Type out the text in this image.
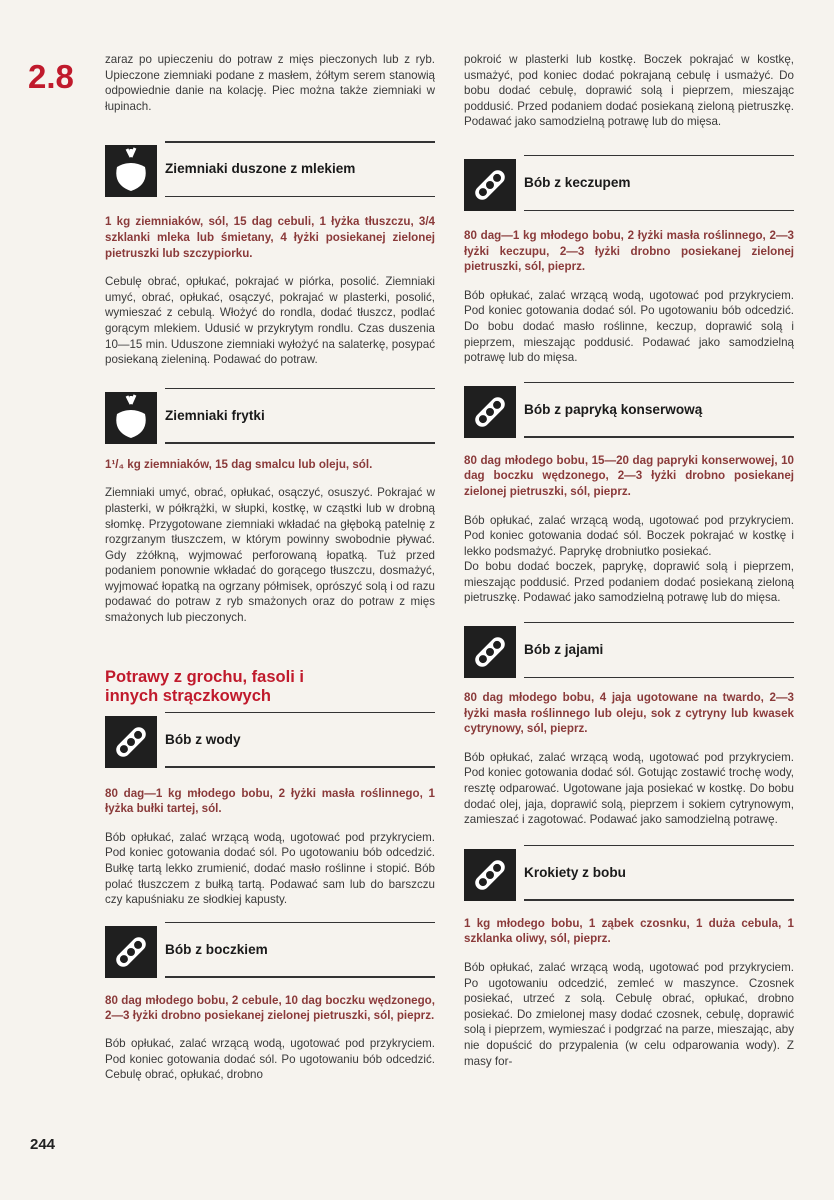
2.8
244

zaraz po upieczeniu do potraw z mięs pieczonych lub z ryb. Upieczone ziemniaki podane z masłem, żółtym serem stanowią odpowiednie danie na kolację. Piec można także ziemniaki w łupinach.

Ziemniaki duszone z mlekiem

1 kg ziemniaków, sól, 15 dag cebuli, 1 łyżka tłuszczu, 3/4 szklanki mleka lub śmietany, 4 łyżki posiekanej zielonej pietruszki lub szczypiorku.

Cebulę obrać, opłukać, pokrajać w piórka, posolić. Ziemniaki umyć, obrać, opłukać, osączyć, pokrajać w plasterki, posolić, wymieszać z cebulą. Włożyć do rondla, dodać tłuszcz, podlać gorącym mlekiem. Udusić w przykrytym rondlu. Czas duszenia 10—15 min. Uduszone ziemniaki wyłożyć na salaterkę, posypać posiekaną zieleniną. Podawać do potraw.

Ziemniaki frytki

1¹/₄ kg ziemniaków, 15 dag smalcu lub oleju, sól.

Ziemniaki umyć, obrać, opłukać, osączyć, osuszyć. Pokrajać w plasterki, w półkrążki, w słupki, kostkę, w cząstki lub w drobną słomkę. Przygotowane ziemniaki wkładać na głęboką patelnię z rozgrzanym tłuszczem, w którym powinny swobodnie pływać. Gdy zżółkną, wyjmować perforowaną łopatką. Tuż przed podaniem ponownie wkładać do gorącego tłuszczu, dosmażyć, wyjmować łopatką na ogrzany półmisek, oprószyć solą i od razu podawać do potraw z ryb smażonych oraz do potraw z mięs smażonych lub pieczonych.

Potrawy z grochu, fasoli i innych strączkowych
Bób z wody

80 dag—1 kg młodego bobu, 2 łyżki masła roślinnego, 1 łyżka bułki tartej, sól.

Bób opłukać, zalać wrzącą wodą, ugotować pod przykryciem. Pod koniec gotowania dodać sól. Po ugotowaniu bób odcedzić. Bułkę tartą lekko zrumienić, dodać masło roślinne i stopić. Bób polać tłuszczem z bułką tartą. Podawać sam lub do barszczu czy kapuśniaku ze słodkiej kapusty.

Bób z boczkiem

80 dag młodego bobu, 2 cebule, 10 dag boczku wędzonego, 2—3 łyżki drobno posiekanej zielonej pietruszki, sól, pieprz.

Bób opłukać, zalać wrzącą wodą, ugotować pod przykryciem. Pod koniec gotowania dodać sól. Po ugotowaniu bób odcedzić. Cebulę obrać, opłukać, drobno

pokroić w plasterki lub kostkę. Boczek pokrajać w kostkę, usmażyć, pod koniec dodać pokrajaną cebulę i usmażyć. Do bobu dodać cebulę, doprawić solą i pieprzem, mieszając poddusić. Przed podaniem dodać posiekaną zieloną pietruszkę. Podawać jako samodzielną potrawę lub do mięsa.

Bób z keczupem

80 dag—1 kg młodego bobu, 2 łyżki masła roślinnego, 2—3 łyżki keczupu, 2—3 łyżki drobno posiekanej zielonej pietruszki, sól, pieprz.

Bób opłukać, zalać wrzącą wodą, ugotować pod przykryciem. Pod koniec gotowania dodać sól. Po ugotowaniu bób odcedzić. Do bobu dodać masło roślinne, keczup, doprawić solą i pieprzem, mieszając poddusić. Podawać jako samodzielną potrawę lub do mięsa.

Bób z papryką konserwową

80 dag młodego bobu, 15—20 dag papryki konserwowej, 10 dag boczku wędzonego, 2—3 łyżki drobno posiekanej zielonej pietruszki, sól, pieprz.

Bób opłukać, zalać wrzącą wodą, ugotować pod przykryciem. Pod koniec gotowania dodać sól. Boczek pokrajać w kostkę i lekko podsmażyć. Paprykę drobniutko posiekać.

Do bobu dodać boczek, paprykę, doprawić solą i pieprzem, mieszając poddusić. Przed podaniem dodać posiekaną zieloną pietruszkę. Podawać jako samodzielną potrawę lub do mięsa.

Bób z jajami

80 dag młodego bobu, 4 jaja ugotowane na twardo, 2—3 łyżki masła roślinnego lub oleju, sok z cytryny lub kwasek cytrynowy, sól, pieprz.

Bób opłukać, zalać wrzącą wodą, ugotować pod przykryciem. Pod koniec gotowania dodać sól. Gotując zostawić trochę wody, resztę odparować. Ugotowane jaja posiekać w kostkę. Do bobu dodać olej, jaja, doprawić solą, pieprzem i sokiem cytrynowym, zamieszać i zagotować. Podawać jako samodzielną potrawę.

Krokiety z bobu

1 kg młodego bobu, 1 ząbek czosnku, 1 duża cebula, 1 szklanka oliwy, sól, pieprz.

Bób opłukać, zalać wrzącą wodą, ugotować pod przykryciem. Po ugotowaniu odcedzić, zemleć w maszynce. Czosnek posiekać, utrzeć z solą. Cebulę obrać, opłukać, drobno posiekać. Do zmielonej masy dodać czosnek, cebulę, doprawić solą i pieprzem, wymieszać i podgrzać na parze, mieszając, aby nie dopuścić do przypalenia (w celu odparowania wody). Z masy for-
